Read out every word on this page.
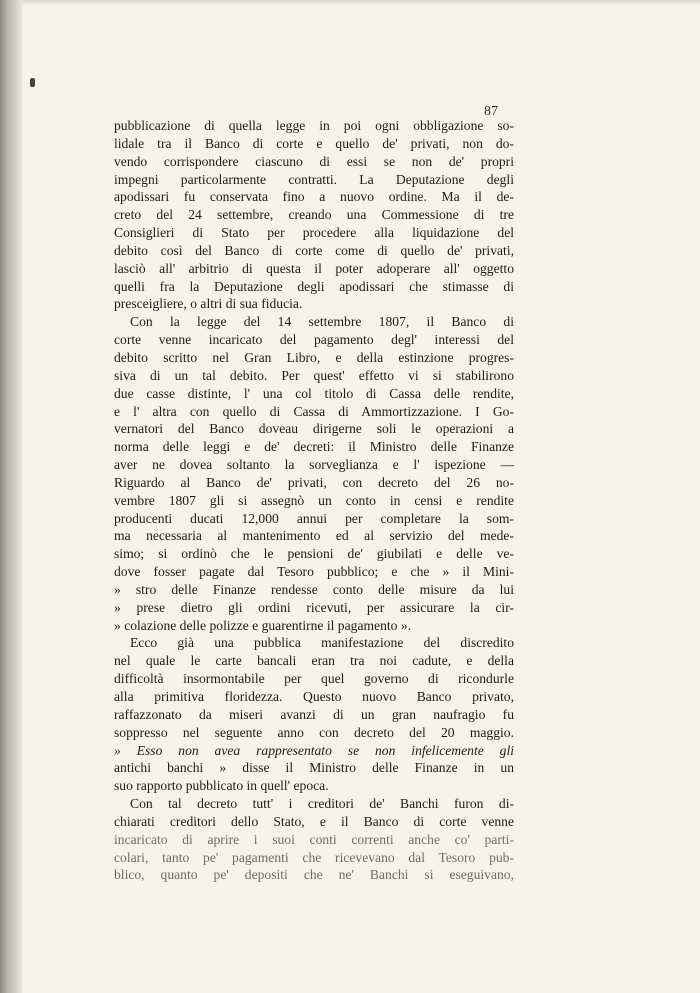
87
pubblicazione di quella legge in poi ogni obbligazione so-
lidale tra il Banco di corte e quello de' privati, non do-
vendo corrispondere ciascuno di essi se non de' propri
impegni particolarmente contratti. La Deputazione degli
apodissari fu conservata fino a nuovo ordine. Ma il de-
creto del 24 settembre, creando una Commessione di tre
Consiglieri di Stato per procedere alla liquidazione del
debito così del Banco di corte come di quello de' privati,
lasciò all' arbitrio di questa il poter adoperare all' oggetto
quelli fra la Deputazione degli apodissari che stimasse di
presceigliere, o altri di sua fiducia.
Con la legge del 14 settembre 1807, il Banco di
corte venne incaricato del pagamento degl' interessi del
debito scritto nel Gran Libro, e della estinzione progres-
siva di un tal debito. Per quest' effetto vi si stabilirono
due casse distinte, l' una col titolo di Cassa delle rendite,
e l' altra con quello di Cassa di Ammortizzazione. I Go-
vernatori del Banco doveau dirigerne soli le operazioni a
norma delle leggi e de' decreti: il Ministro delle Finanze
aver ne dovea soltanto la sorveglianza e l' ispezione —
Riguardo al Banco de' privati, con decreto del 26 no-
vembre 1807 gli si assegnò un conto in censi e rendite
producenti ducati 12,000 annui per completare la som-
ma necessaria al mantenimento ed al servizio del mede-
simo; si ordinò che le pensioni de' giubilati e delle ve-
dove fosser pagate dal Tesoro pubblico; e che » il Mini-
» stro delle Finanze rendesse conto delle misure da lui
» prese dietro gli ordini ricevuti, per assicurare la cir-
» colazione delle polizze e guarentirne il pagamento ».
Ecco già una pubblica manifestazione del discredito
nel quale le carte bancali eran tra noi cadute, e della
difficoltà insormontabile per quel governo di ricondurle
alla primitiva floridezza. Questo nuovo Banco privato,
raffazzonato da miseri avanzi di un gran naufragio fu
soppresso nel seguente anno con decreto del 20 maggio.
» Esso non avea rappresentato se non infelicemente gli
antichi banchi » disse il Ministro delle Finanze in un
suo rapporto pubblicato in quell' epoca.
Con tal decreto tutt' i creditori de' Banchi furon di-
chiarati creditori dello Stato, e il Banco di corte venne
incaricato di aprire i suoi conti correnti anche co' parti-
colari, tanto pe' pagamenti che ricevevano dal Tesoro pub-
blico, quanto pe' depositi che ne' Banchi si eseguivano,
